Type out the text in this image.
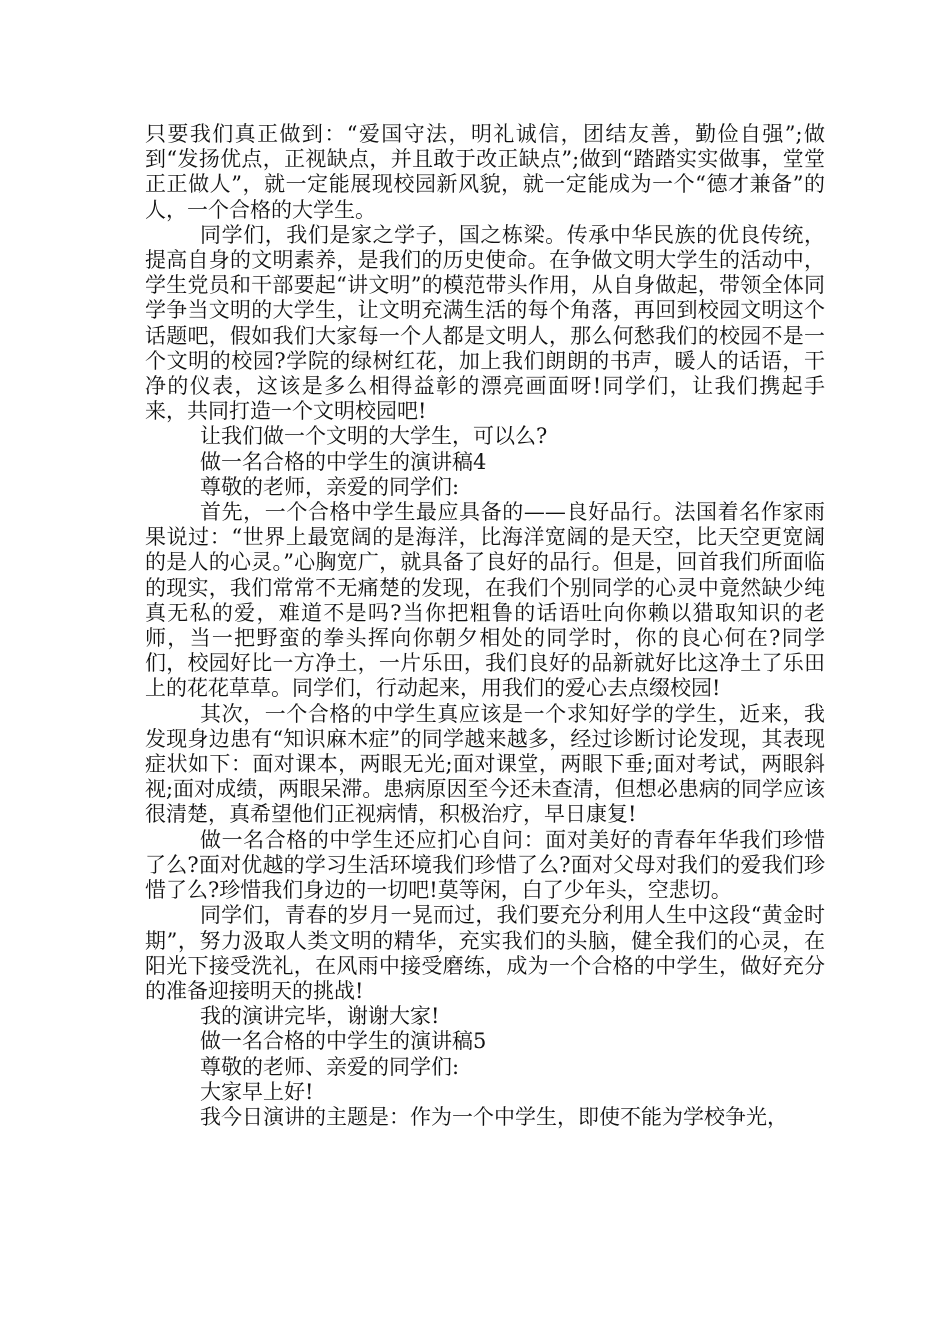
只要我们真正做到：“爱国守法，明礼诚信，团结友善，勤俭自强”;做到“发扬优点，正视缺点，并且敢于改正缺点”;做到“踏踏实实做事，堂堂正正做人”，就一定能展现校园新风貌，就一定能成为一个“德才兼备”的人，一个合格的大学生。

同学们，我们是家之学子，国之栋梁。传承中华民族的优良传统，提高自身的文明素养，是我们的历史使命。在争做文明大学生的活动中，学生党员和干部要起“讲文明”的模范带头作用，从自身做起，带领全体同学争当文明的大学生，让文明充满生活的每个角落，再回到校园文明这个话题吧，假如我们大家每一个人都是文明人，那么何愁我们的校园不是一个文明的校园?学院的绿树红花，加上我们朗朗的书声，暖人的话语，干净的仪表，这该是多么相得益彰的漂亮画面呀!同学们，让我们携起手来，共同打造一个文明校园吧!

让我们做一个文明的大学生，可以么?

做一名合格的中学生的演讲稿4

尊敬的老师，亲爱的同学们:

首先，一个合格中学生最应具备的——良好品行。法国着名作家雨果说过：“世界上最宽阔的是海洋，比海洋宽阔的是天空，比天空更宽阔的是人的心灵。”心胸宽广，就具备了良好的品行。但是，回首我们所面临的现实，我们常常不无痛楚的发现，在我们个别同学的心灵中竟然缺少纯真无私的爱，难道不是吗?当你把粗鲁的话语吐向你赖以猎取知识的老师，当一把野蛮的拳头挥向你朝夕相处的同学时，你的良心何在?同学们，校园好比一方净土，一片乐田，我们良好的品新就好比这净土了乐田上的花花草草。同学们，行动起来，用我们的爱心去点缀校园!

其次，一个合格的中学生真应该是一个求知好学的学生，近来，我发现身边患有“知识麻木症”的同学越来越多，经过诊断讨论发现，其表现症状如下：面对课本，两眼无光;面对课堂，两眼下垂;面对考试，两眼斜视;面对成绩，两眼呆滞。患病原因至今还未查清，但想必患病的同学应该很清楚，真希望他们正视病情，积极治疗，早日康复!

做一名合格的中学生还应扪心自问：面对美好的青春年华我们珍惜了么?面对优越的学习生活环境我们珍惜了么?面对父母对我们的爱我们珍惜了么?珍惜我们身边的一切吧!莫等闲，白了少年头，空悲切。

同学们，青春的岁月一晃而过，我们要充分利用人生中这段“黄金时期”，努力汲取人类文明的精华，充实我们的头脑，健全我们的心灵，在阳光下接受洗礼，在风雨中接受磨练，成为一个合格的中学生，做好充分的准备迎接明天的挑战!

我的演讲完毕，谢谢大家!

做一名合格的中学生的演讲稿5

尊敬的老师、亲爱的同学们:

大家早上好!

我今日演讲的主题是：作为一个中学生，即使不能为学校争光，
